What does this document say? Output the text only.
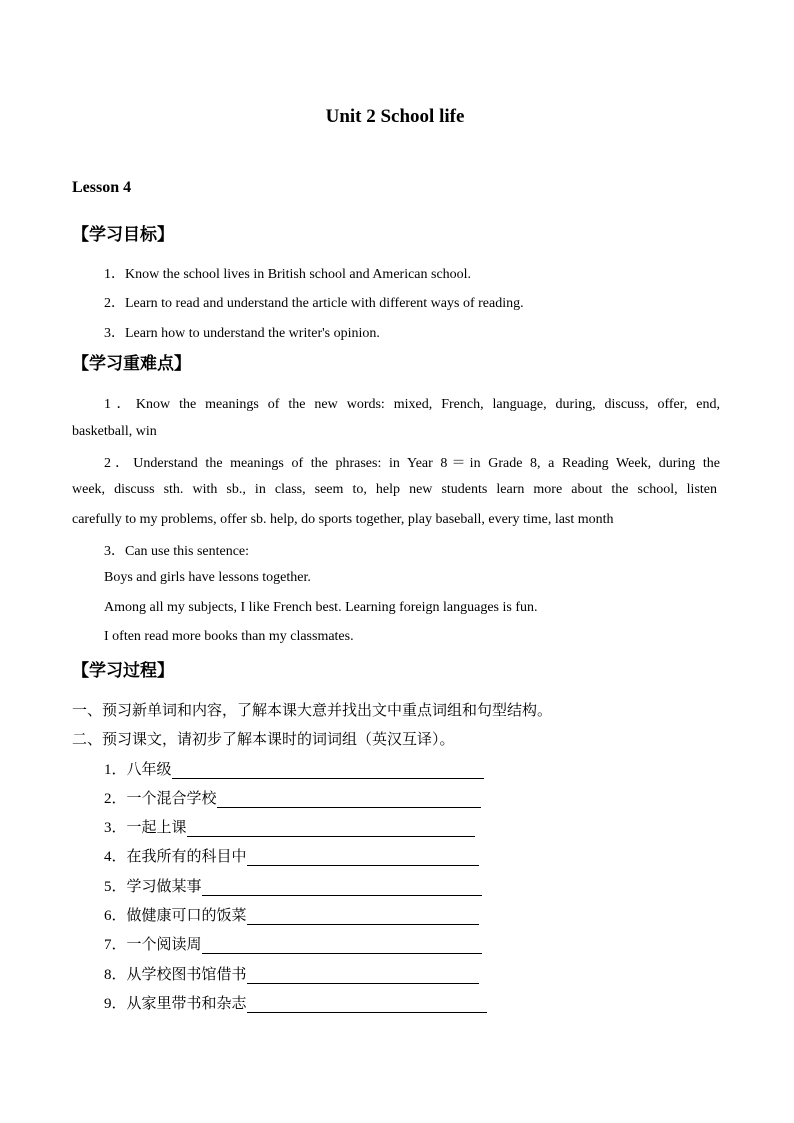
Unit 2 School life
Lesson 4
【学习目标】
1．Know the school lives in British school and American school.
2．Learn to read and understand the article with different ways of reading.
3．Learn how to understand the writer's opinion.
【学习重难点】
1．Know the meanings of the new words: mixed, French, language, during, discuss, offer, end,
basketball, win
2．Understand the meanings of the phrases: in Year 8＝in Grade 8, a Reading Week, during the
week, discuss sth. with sb., in class, seem to, help new students learn more about the school, listen
carefully to my problems, offer sb. help, do sports together, play baseball, every time, last month
3．Can use this sentence:
Boys and girls have lessons together.
Among all my subjects, I like French best. Learning foreign languages is fun.
I often read more books than my classmates.
【学习过程】
一、预习新单词和内容，了解本课大意并找出文中重点词组和句型结构。
二、预习课文，请初步了解本课时的词词组（英汉互译）。
1． 八年级
2． 一个混合学校
3． 一起上课
4． 在我所有的科目中
5． 学习做某事
6． 做健康可口的饭菜
7． 一个阅读周
8． 从学校图书馆借书
9． 从家里带书和杂志
